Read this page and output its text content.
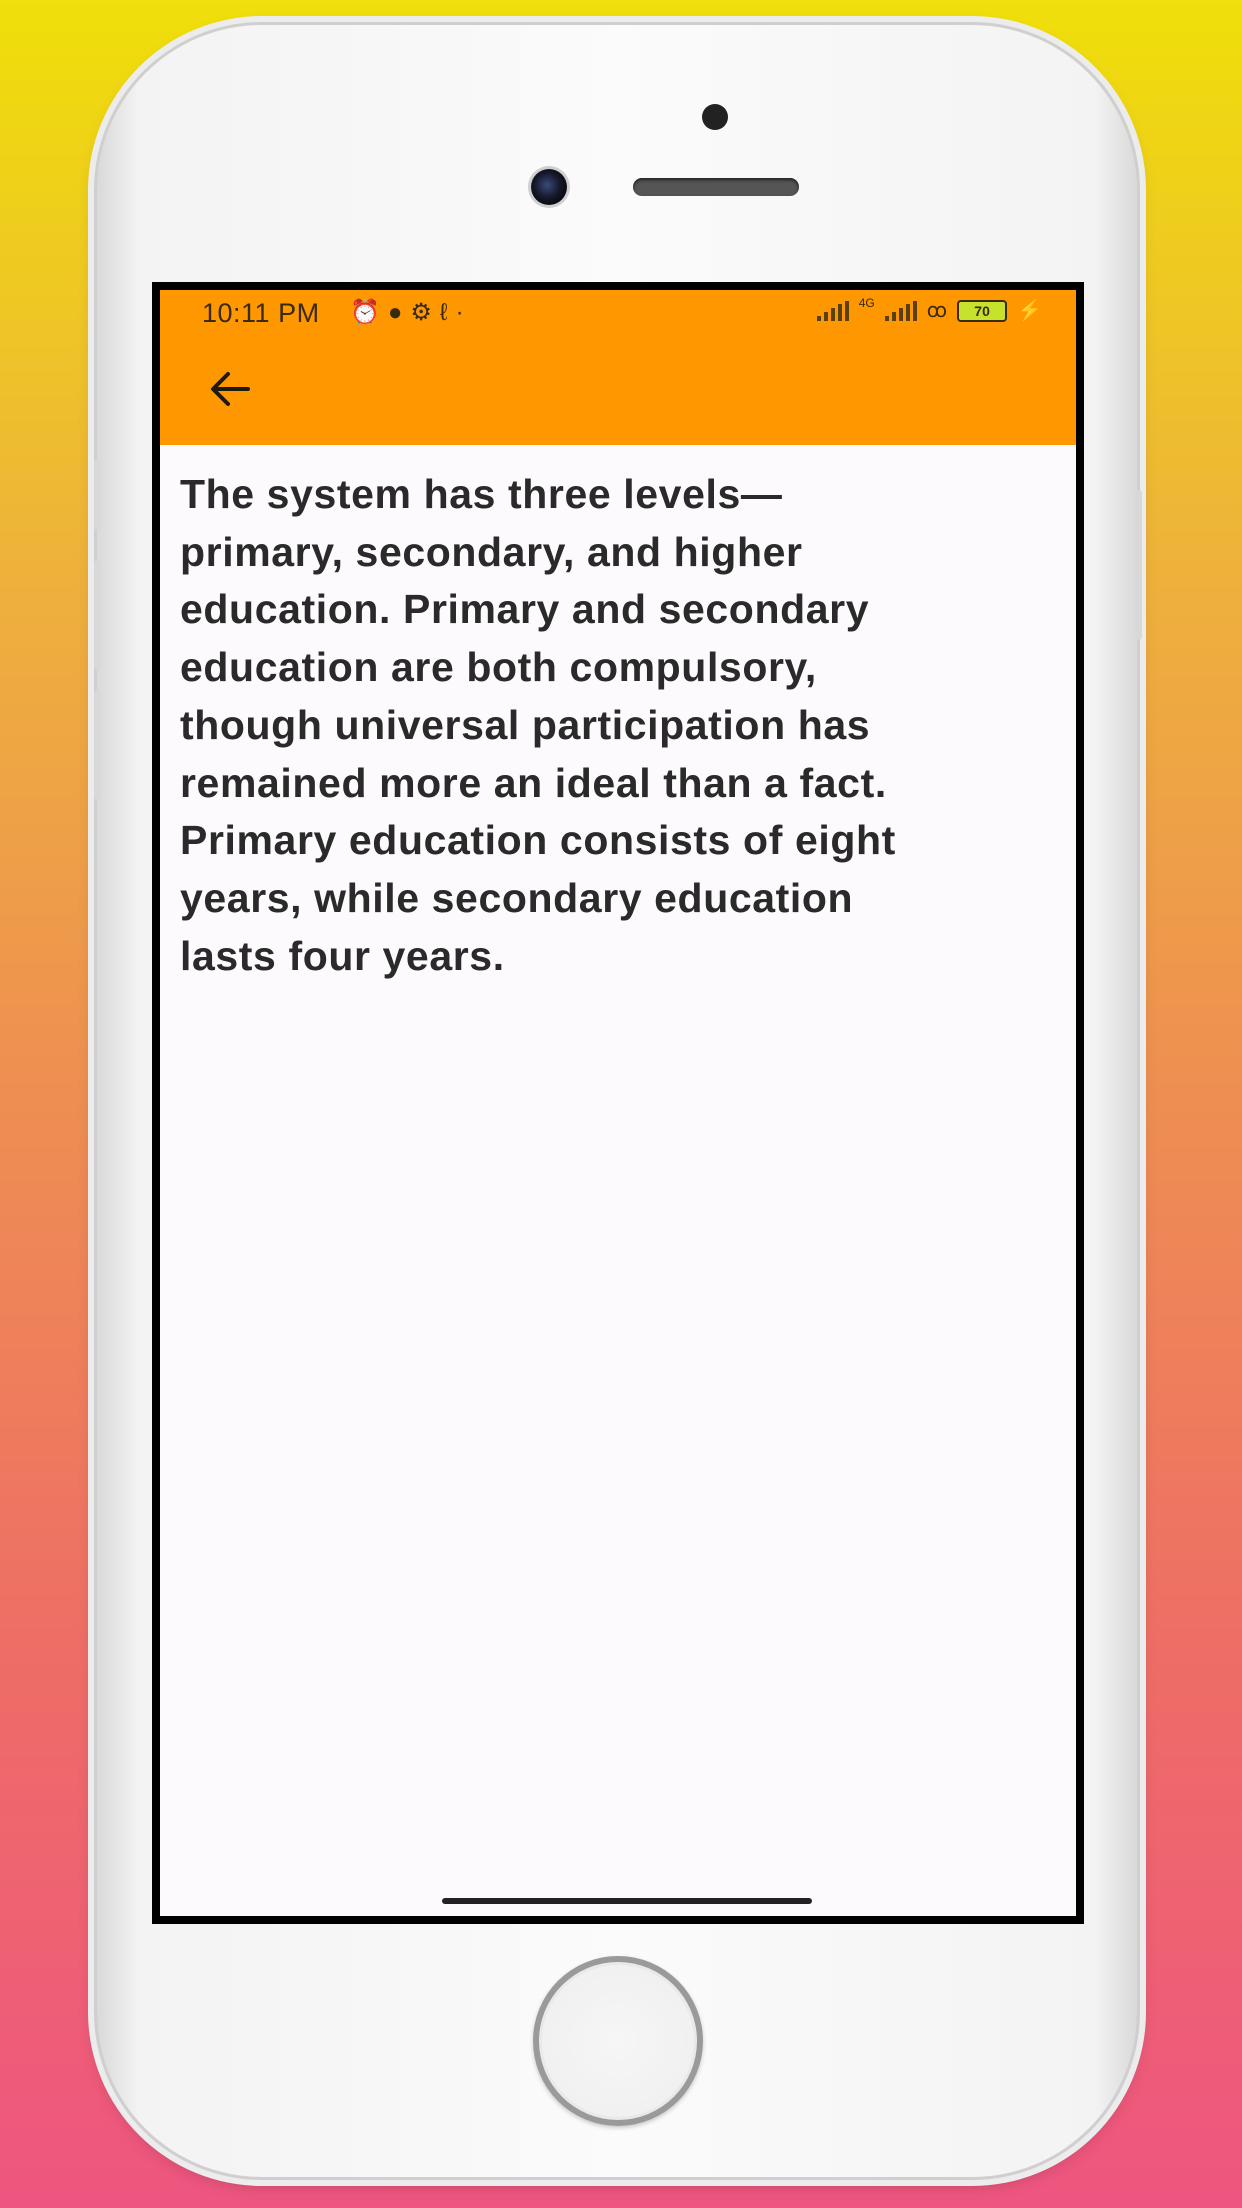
10:11 PM ⏰●⚙ℓ·	4G	ꝏ	70	⚡
The system has three levels—
primary, secondary, and higher
education. Primary and secondary
education are both compulsory,
though universal participation has
remained more an ideal than a fact.
Primary education consists of eight
years, while secondary education
lasts four years.
